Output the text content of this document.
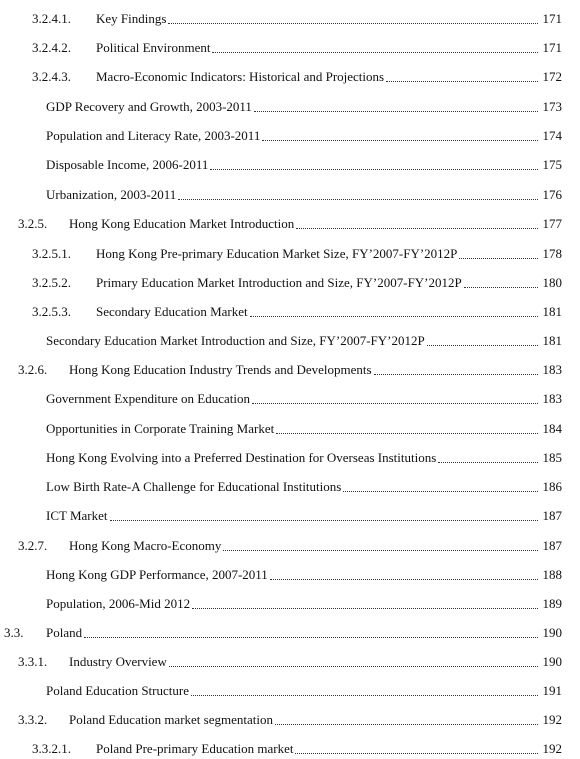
3.2.4.1.	Key Findings	171
3.2.4.2.	Political Environment	171
3.2.4.3.	Macro-Economic Indicators: Historical and Projections	172
GDP Recovery and Growth, 2003-2011	173
Population and Literacy Rate, 2003-2011	174
Disposable Income, 2006-2011	175
Urbanization, 2003-2011	176
3.2.5.	Hong Kong Education Market Introduction	177
3.2.5.1.	Hong Kong Pre-primary Education Market Size, FY’2007-FY’2012P	178
3.2.5.2.	Primary Education Market Introduction and Size, FY’2007-FY’2012P	180
3.2.5.3.	Secondary Education Market	181
Secondary Education Market Introduction and Size, FY’2007-FY’2012P	181
3.2.6.	Hong Kong Education Industry Trends and Developments	183
Government Expenditure on Education	183
Opportunities in Corporate Training Market	184
Hong Kong Evolving into a Preferred Destination for Overseas Institutions	185
Low Birth Rate-A Challenge for Educational Institutions	186
ICT Market	187
3.2.7.	Hong Kong Macro-Economy	187
Hong Kong GDP Performance, 2007-2011	188
Population, 2006-Mid 2012	189
3.3.	Poland	190
3.3.1.	Industry Overview	190
Poland Education Structure	191
3.3.2.	Poland Education market segmentation	192
3.3.2.1.	Poland Pre-primary Education market	192
